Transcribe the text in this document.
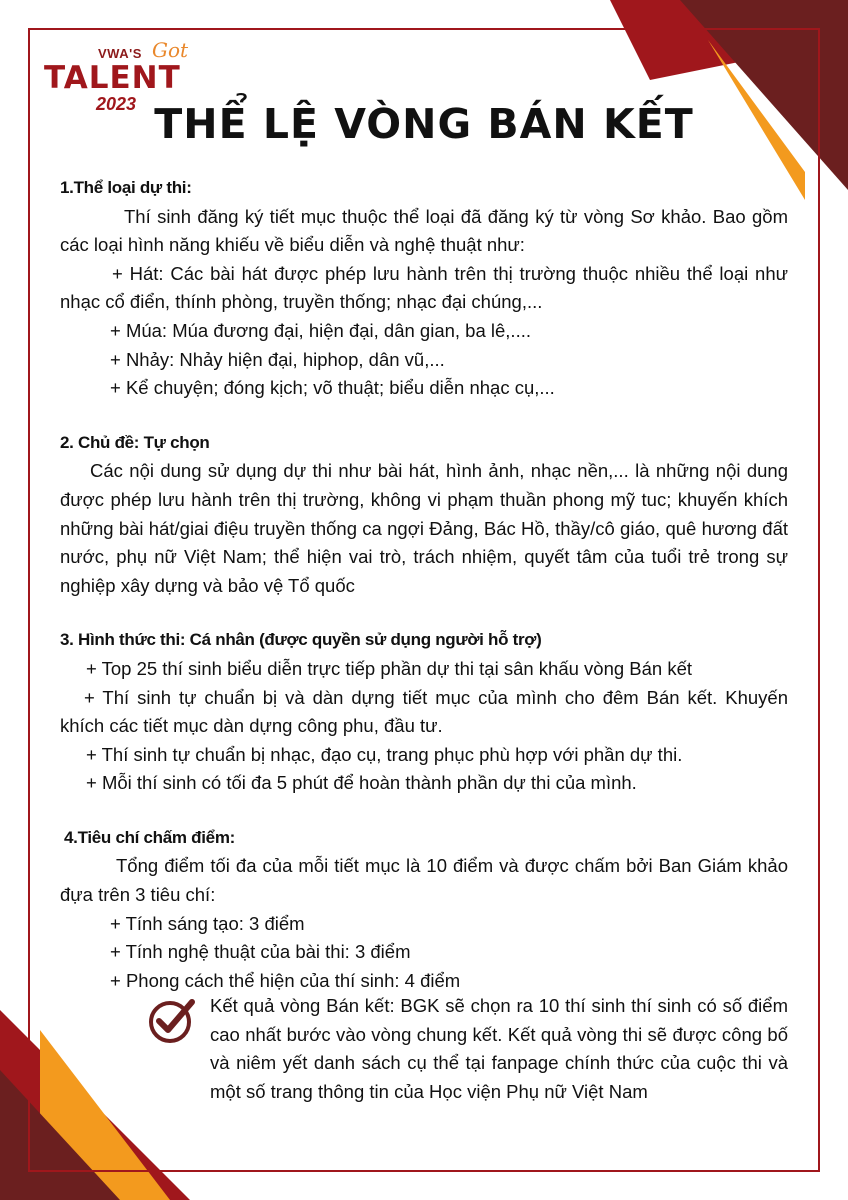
VWA'S Got
TALENT
2023 THỂ LỆ VÒNG BÁN KẾT
1.Thể loại dự thi:
Thí sinh đăng ký tiết mục thuộc thể loại đã đăng ký từ vòng Sơ khảo. Bao gồm các loại hình năng khiếu về biểu diễn và nghệ thuật như:
+ Hát: Các bài hát được phép lưu hành trên thị trường thuộc nhiều thể loại như nhạc cổ điển, thính phòng, truyền thống; nhạc đại chúng,...
+ Múa: Múa đương đại, hiện đại, dân gian, ba lê,....
+ Nhảy: Nhảy hiện đại, hiphop, dân vũ,...
+ Kể chuyện; đóng kịch; võ thuật; biểu diễn nhạc cụ,...
2. Chủ đề: Tự chọn
Các nội dung sử dụng dự thi như bài hát, hình ảnh, nhạc nền,... là những nội dung được phép lưu hành trên thị trường, không vi phạm thuần phong mỹ tuc; khuyến khích những bài hát/giai điệu truyền thống ca ngợi Đảng, Bác Hồ, thầy/cô giáo, quê hương đất nước, phụ nữ Việt Nam; thể hiện vai trò, trách nhiệm, quyết tâm của tuổi trẻ trong sự nghiệp xây dựng và bảo vệ Tổ quốc
3. Hình thức thi: Cá nhân (được quyền sử dụng người hỗ trợ)
+ Top 25 thí sinh biểu diễn trực tiếp phần dự thi tại sân khấu vòng Bán kết
+ Thí sinh tự chuẩn bị và dàn dựng tiết mục của mình cho đêm Bán kết. Khuyến khích các tiết mục dàn dựng công phu, đầu tư.
+ Thí sinh tự chuẩn bị nhạc, đạo cụ, trang phục phù hợp với phần dự thi.
+ Mỗi thí sinh có tối đa 5 phút để hoàn thành phần dự thi của mình.
4.Tiêu chí chấm điểm:
Tổng điểm tối đa của mỗi tiết mục là 10 điểm và được chấm bởi Ban Giám khảo đựa trên 3 tiêu chí:
+ Tính sáng tạo: 3 điểm
+ Tính nghệ thuật của bài thi: 3 điểm
+ Phong cách thể hiện của thí sinh: 4 điểm
Kết quả vòng Bán kết: BGK sẽ chọn ra 10 thí sinh thí sinh có số điểm cao nhất bước vào vòng chung kết. Kết quả vòng thi sẽ được công bố và niêm yết danh sách cụ thể tại fanpage chính thức của cuộc thi và một số trang thông tin của Học viện Phụ nữ Việt Nam
